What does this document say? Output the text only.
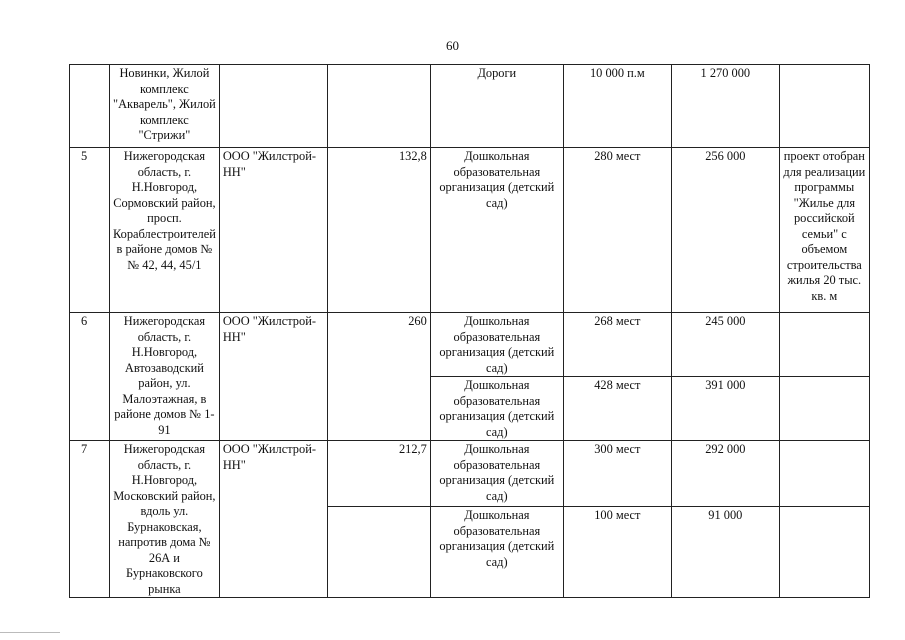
60
	Новинки, Жилой комплекс "Акварель", Жилой комплекс "Стрижи"			Дороги	10 000 п.м	1 270 000	
5	Нижегородская область, г. Н.Новгород, Сормовский район, просп. Кораблестроителей в районе домов №№ 42, 44, 45/1	ООО "Жилстрой-НН"	132,8	Дошкольная образовательная организация (детский сад)	280 мест	256 000	проект отобран для реализации программы "Жилье для российской семьи" с объемом строительства жилья 20 тыс. кв. м
6	Нижегородская область, г. Н.Новгород, Автозаводский район, ул. Малоэтажная, в районе домов № 1-91	ООО "Жилстрой-НН"	260	Дошкольная образовательная организация (детский сад)	268 мест	245 000	
				Дошкольная образовательная организация (детский сад)	428 мест	391 000	
7	Нижегородская область, г. Н.Новгород, Московский район, вдоль ул. Бурнаковская, напротив дома № 26А и Бурнаковского рынка	ООО "Жилстрой-НН"	212,7	Дошкольная образовательная организация (детский сад)	300 мест	292 000	
				Дошкольная образовательная организация (детский сад)	100 мест	91 000	
